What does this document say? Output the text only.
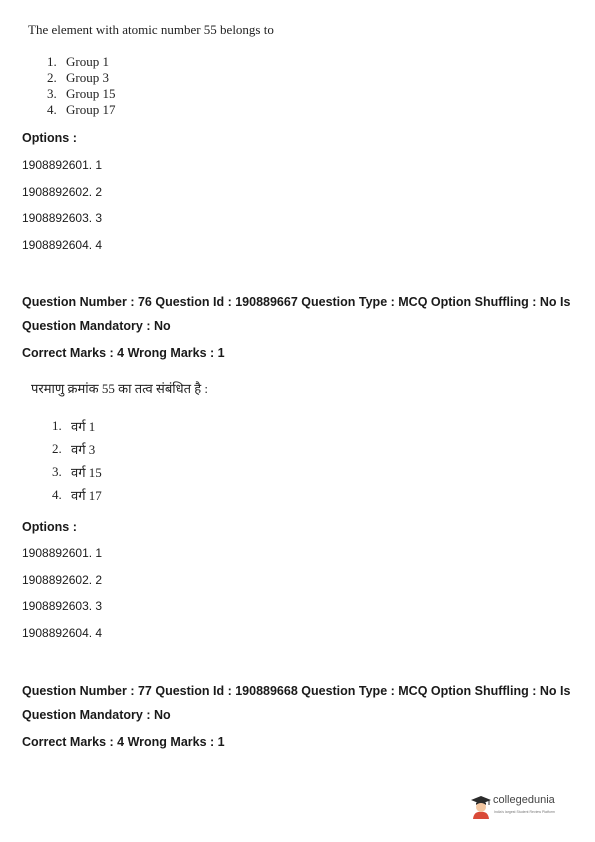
The element with atomic number 55 belongs to
1. Group 1
2. Group 3
3. Group 15
4. Group 17
Options :
1908892601. 1
1908892602. 2
1908892603. 3
1908892604. 4
Question Number : 76 Question Id : 190889667 Question Type : MCQ Option Shuffling : No Is
Question Mandatory : No
Correct Marks : 4 Wrong Marks : 1
परमाणु क्रमांक 55 का तत्व संबंधित है :
1. वर्ग 1
2. वर्ग 3
3. वर्ग 15
4. वर्ग 17
Options :
1908892601. 1
1908892602. 2
1908892603. 3
1908892604. 4
Question Number : 77 Question Id : 190889668 Question Type : MCQ Option Shuffling : No Is
Question Mandatory : No
Correct Marks : 4 Wrong Marks : 1
collegedunia
India's largest Student Review Platform
